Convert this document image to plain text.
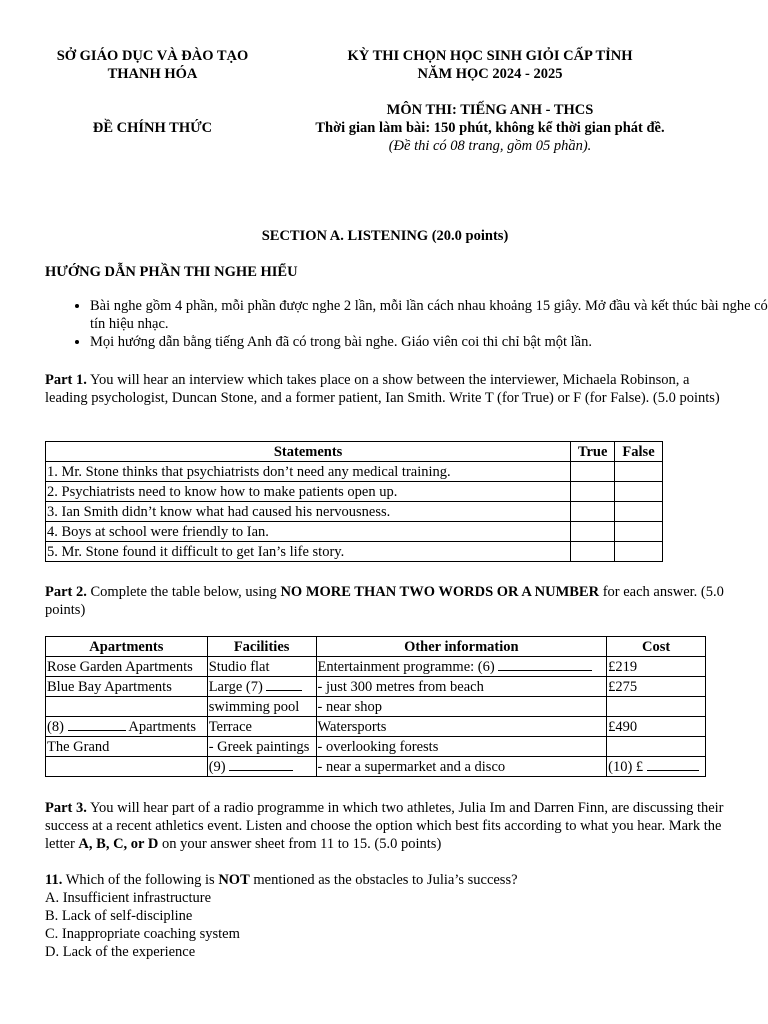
SỞ GIÁO DỤC VÀ ĐÀO TẠO
THANH HÓA
KỲ THI CHỌN HỌC SINH GIỎI CẤP TỈNH
NĂM HỌC 2024 - 2025
MÔN THI: TIẾNG ANH - THCS
Thời gian làm bài: 150 phút, không kể thời gian phát đề.
(Đề thi có 08 trang, gồm 05 phần).
ĐỀ CHÍNH THỨC
SECTION A. LISTENING (20.0 points)
HƯỚNG DẪN PHẦN THI NGHE HIỂU
• Bài nghe gồm 4 phần, mỗi phần được nghe 2 lần, mỗi lần cách nhau khoảng 15 giây. Mở đầu và kết thúc bài nghe có tín hiệu nhạc.
• Mọi hướng dẫn bằng tiếng Anh đã có trong bài nghe. Giáo viên coi thi chỉ bật một lần.
Part 1. You will hear an interview which takes place on a show between the interviewer, Michaela Robinson, a leading psychologist, Duncan Stone, and a former patient, Ian Smith. Write T (for True) or F (for False). (5.0 points)
Statements	True	False
1. Mr. Stone thinks that psychiatrists don’t need any medical training.		
2. Psychiatrists need to know how to make patients open up.		
3. Ian Smith didn’t know what had caused his nervousness.		
4. Boys at school were friendly to Ian.		
5. Mr. Stone found it difficult to get Ian’s life story.		
Part 2. Complete the table below, using NO MORE THAN TWO WORDS OR A NUMBER for each answer. (5.0 points)
Apartments	Facilities	Other information	Cost
Rose Garden Apartments	Studio flat	Entertainment programme: (6)	£219
Blue Bay Apartments	Large (7)	- just 300 metres from beach	£275
	swimming pool	- near shop	
(8) Apartments	Terrace	Watersports	£490
The Grand	- Greek paintings	- overlooking forests	
	(9)	- near a supermarket and a disco	(10) £
Part 3. You will hear part of a radio programme in which two athletes, Julia Im and Darren Finn, are discussing their success at a recent athletics event. Listen and choose the option which best fits according to what you hear. Mark the letter A, B, C, or D on your answer sheet from 11 to 15. (5.0 points)
11. Which of the following is NOT mentioned as the obstacles to Julia’s success?
A. Insufficient infrastructure
B. Lack of self-discipline
C. Inappropriate coaching system
D. Lack of the experience
